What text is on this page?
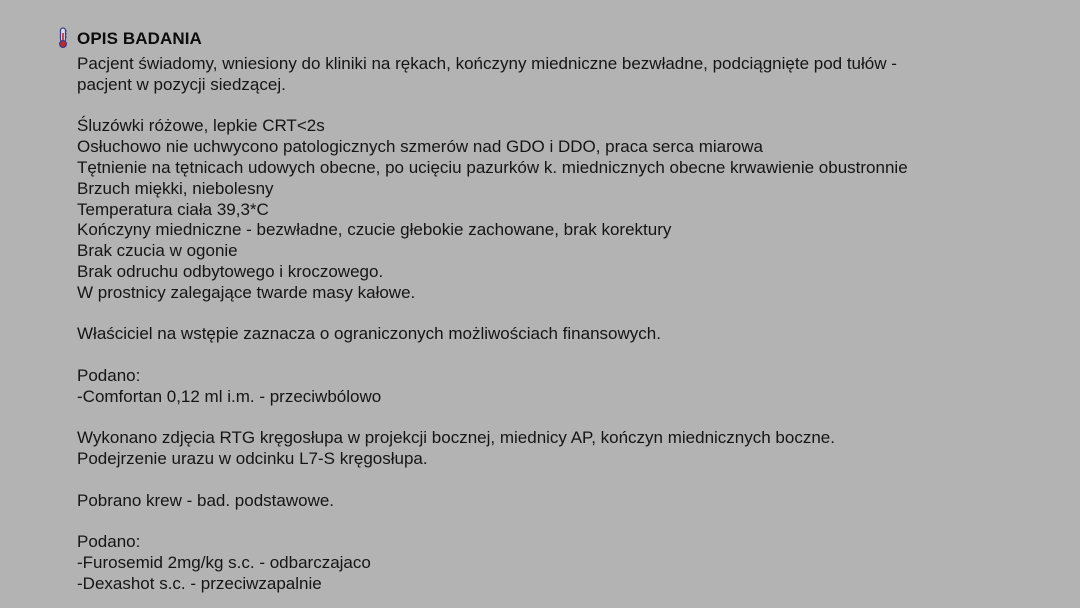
OPIS BADANIA

Pacjent świadomy, wniesiony do kliniki na rękach, kończyny miedniczne bezwładne, podciągnięte pod tułów -

pacjent w pozycji siedzącej.

Śluzówki różowe, lepkie CRT<2s

Osłuchowo nie uchwycono patologicznych szmerów nad GDO i DDO, praca serca miarowa

Tętnienie na tętnicach udowych obecne, po ucięciu pazurków k. miednicznych obecne krwawienie obustronnie

Brzuch miękki, niebolesny

Temperatura ciała 39,3*C

Kończyny miedniczne - bezwładne, czucie głebokie zachowane, brak korektury

Brak czucia w ogonie

Brak odruchu odbytowego i kroczowego.

W prostnicy zalegające twarde masy kałowe.

Właściciel na wstępie zaznacza o ograniczonych możliwościach finansowych.

Podano:

-Comfortan 0,12 ml i.m. - przeciwbólowo

Wykonano zdjęcia RTG kręgosłupa w projekcji bocznej, miednicy AP, kończyn miednicznych boczne.

Podejrzenie urazu w odcinku L7-S kręgosłupa.

Pobrano krew - bad. podstawowe.

Podano:

-Furosemid 2mg/kg s.c. - odbarczajaco

-Dexashot s.c. - przeciwzapalnie
